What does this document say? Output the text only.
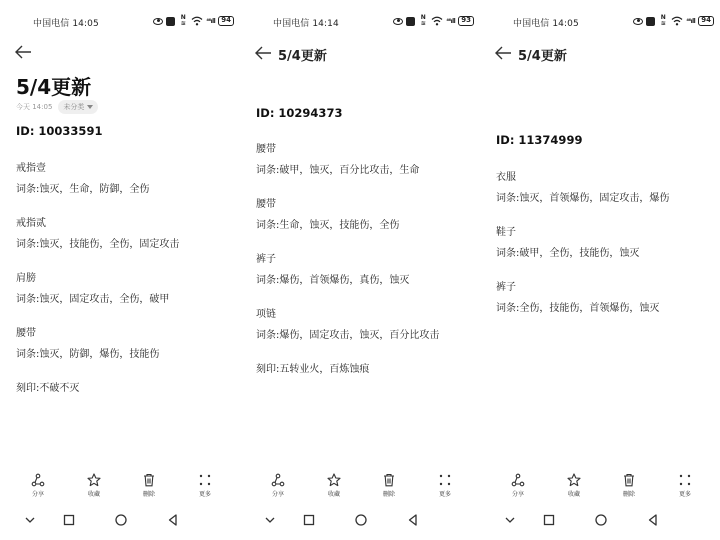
中国电信 14:05
N
≋	⁴⁶ıll 94
5/4更新
今天 14:05 未分类
ID: 10033591
戒指壹
词条:蚀灭，生命，防御，全伤
戒指贰
词条:蚀灭，技能伤，全伤，固定攻击
肩膀
词条:蚀灭，固定攻击，全伤，破甲
腰带
词条:蚀灭，防御，爆伤，技能伤
刻印:不破不灭
分享	收藏	删除	更多
中国电信 14:14
N
≋	⁴⁶ıll 93
5/4更新
ID: 10294373
腰带
词条:破甲，蚀灭，百分比攻击，生命
腰带
词条:生命，蚀灭，技能伤，全伤
裤子
词条:爆伤，首领爆伤，真伤，蚀灭
项链
词条:爆伤，固定攻击，蚀灭，百分比攻击
刻印:五转业火，百炼蚀痕
分享	收藏	删除	更多
中国电信 14:05
N
≋	⁴⁶ıll 94
5/4更新
ID: 11374999
衣服
词条:蚀灭，首领爆伤，固定攻击，爆伤
鞋子
词条:破甲，全伤，技能伤，蚀灭
裤子
词条:全伤，技能伤，首领爆伤，蚀灭
分享	收藏	删除	更多
